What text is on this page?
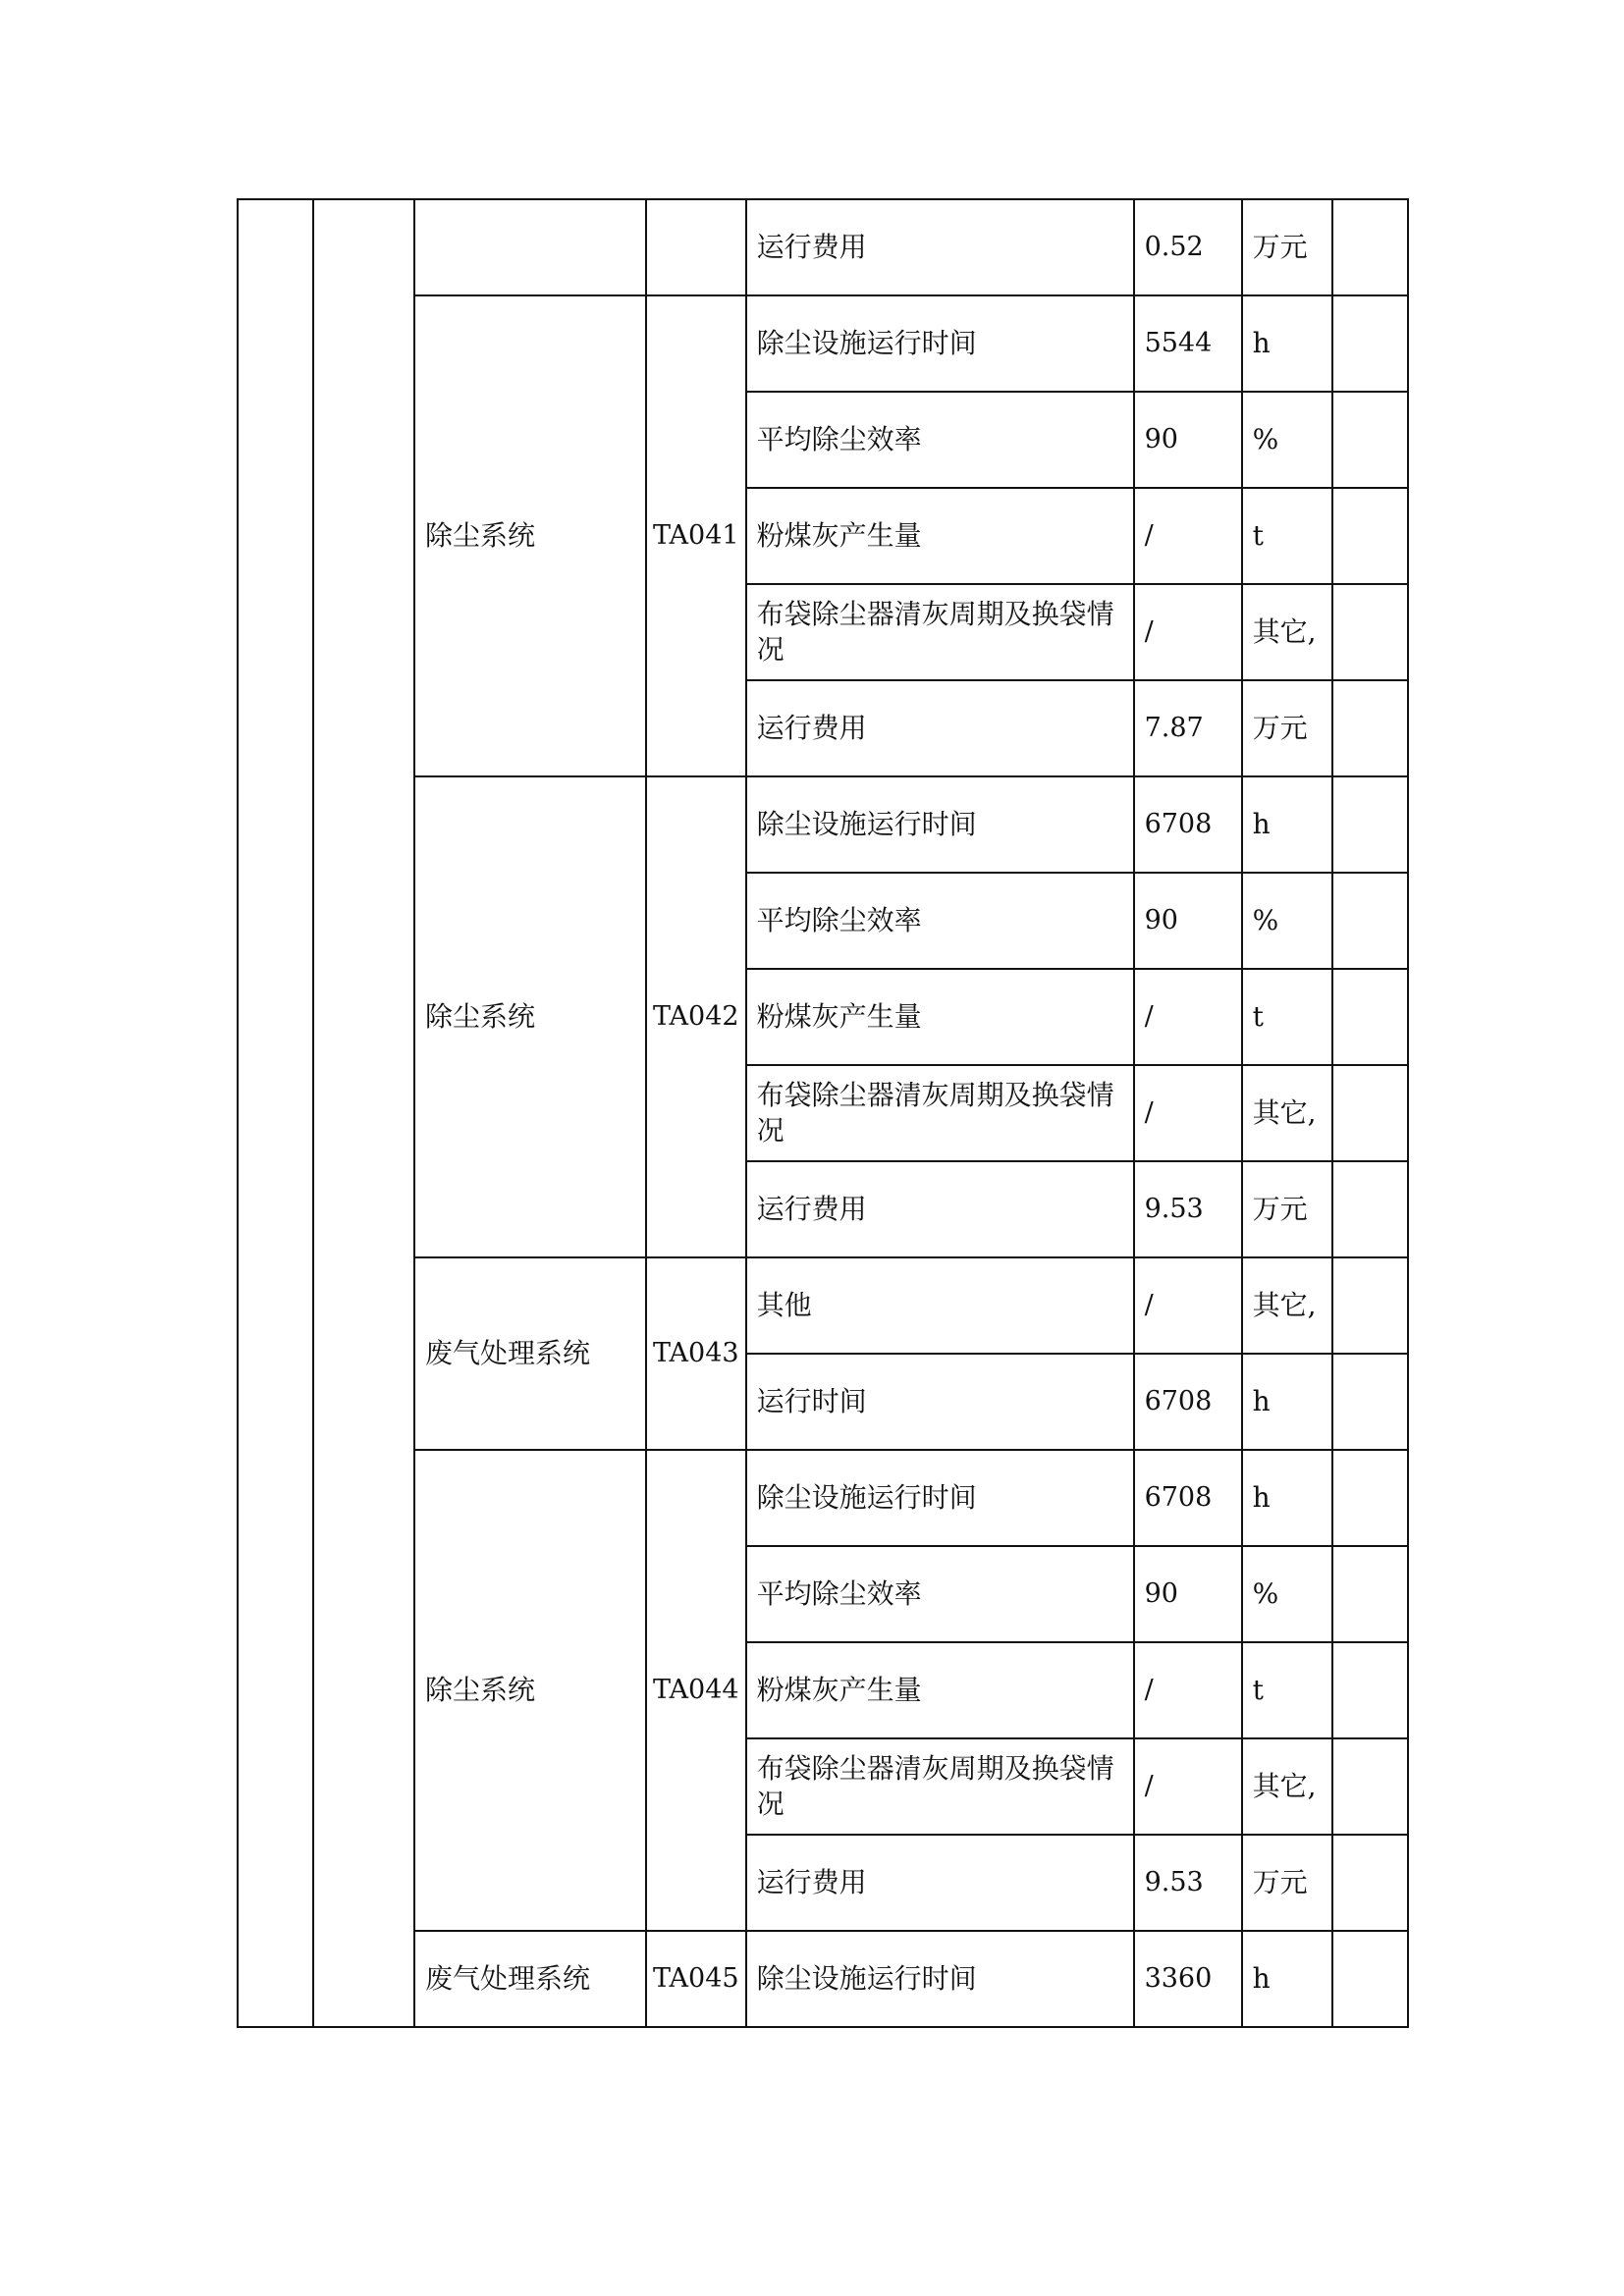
				运行费用	0.52	万元	
		除尘系统	TA041	除尘设施运行时间	5544	h	
				平均除尘效率	90	%	
				粉煤灰产生量	/	t	
				布袋除尘器清灰周期及换袋情况	/	其它,	
				运行费用	7.87	万元	
		除尘系统	TA042	除尘设施运行时间	6708	h	
				平均除尘效率	90	%	
				粉煤灰产生量	/	t	
				布袋除尘器清灰周期及换袋情况	/	其它,	
				运行费用	9.53	万元	
		废气处理系统	TA043	其他	/	其它,	
				运行时间	6708	h	
		除尘系统	TA044	除尘设施运行时间	6708	h	
				平均除尘效率	90	%	
				粉煤灰产生量	/	t	
				布袋除尘器清灰周期及换袋情况	/	其它,	
				运行费用	9.53	万元	
		废气处理系统	TA045	除尘设施运行时间	3360	h	
